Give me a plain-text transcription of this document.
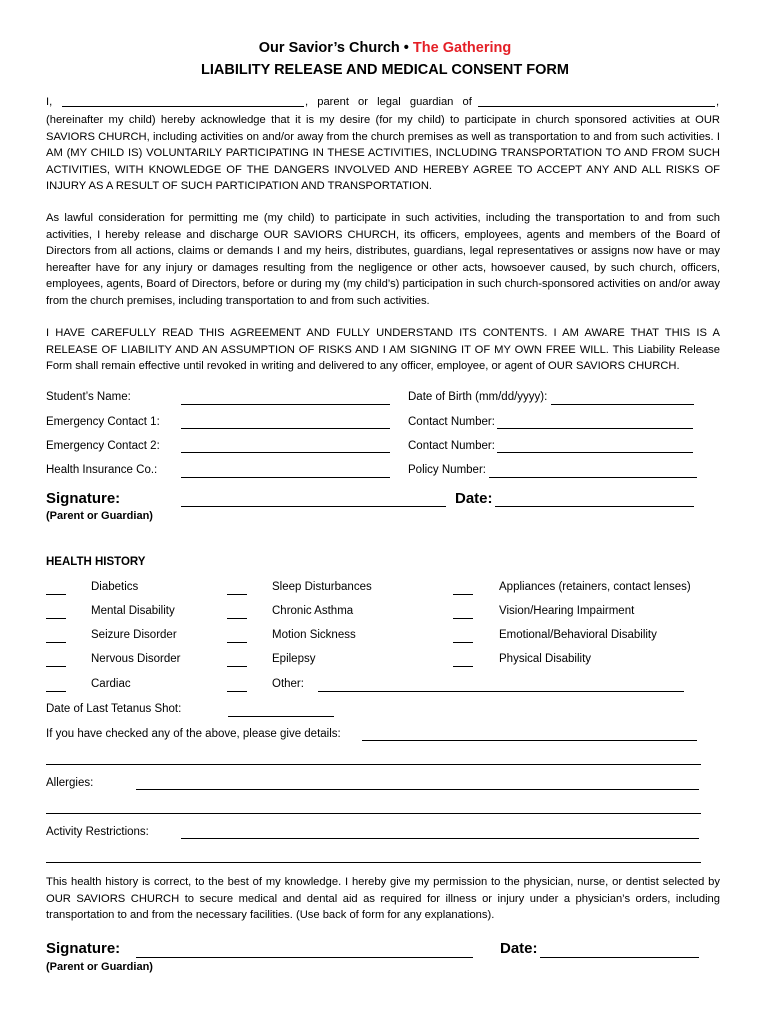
Our Savior’s Church • The Gathering
LIABILITY RELEASE AND MEDICAL CONSENT FORM
I,	, parent or legal guardian of	,
(hereinafter my child) hereby acknowledge that it is my desire (for my child) to participate in church sponsored activities at OUR SAVIORS CHURCH, including activities on and/or away from the church premises as well as transportation to and from such activities. I AM (MY CHILD IS) VOLUNTARILY PARTICIPATING IN THESE ACTIVITIES, INCLUDING TRANSPORTATION TO AND FROM SUCH ACTIVITIES, WITH KNOWLEDGE OF THE DANGERS INVOLVED AND HEREBY AGREE TO ACCEPT ANY AND ALL RISKS OF INJURY AS A RESULT OF SUCH PARTICIPATION AND TRANSPORTATION.
As lawful consideration for permitting me (my child) to participate in such activities, including the transportation to and from such activities, I hereby release and discharge OUR SAVIORS CHURCH, its officers, employees, agents and members of the Board of Directors from all actions, claims or demands I and my heirs, distributes, guardians, legal representatives or assigns now have or may hereafter have for any injury or damages resulting from the negligence or other acts, howsoever caused, by such church, officers, employees, agents, Board of Directors, before or during my (my child’s) participation in such church-sponsored activities on and/or away from the church premises, including transportation to and from such activities.
I HAVE CAREFULLY READ THIS AGREEMENT AND FULLY UNDERSTAND ITS CONTENTS. I AM AWARE THAT THIS IS A RELEASE OF LIABILITY AND AN ASSUMPTION OF RISKS AND I AM SIGNING IT OF MY OWN FREE WILL. This Liability Release Form shall remain effective until revoked in writing and delivered to any officer, employee, or agent of OUR SAVIORS CHURCH.
Student’s Name:	Date of Birth (mm/dd/yyyy):
Emergency Contact 1:	Contact Number:
Emergency Contact 2:	Contact Number:
Health Insurance Co.:	Policy Number:
Signature:	Date:
(Parent or Guardian)
HEALTH HISTORY
Diabetics
Mental Disability
Seizure Disorder
Nervous Disorder
Cardiac
Sleep Disturbances
Chronic Asthma
Motion Sickness
Epilepsy
Other:
Appliances (retainers, contact lenses)
Vision/Hearing Impairment
Emotional/Behavioral Disability
Physical Disability
Date of Last Tetanus Shot:
If you have checked any of the above, please give details:
Allergies:
Activity Restrictions:
This health history is correct, to the best of my knowledge. I hereby give my permission to the physician, nurse, or dentist selected by OUR SAVIORS CHURCH to secure medical and dental aid as required for illness or injury under a physician’s orders, including transportation to and from the necessary facilities. (Use back of form for any explanations).
Signature:	Date:
(Parent or Guardian)
